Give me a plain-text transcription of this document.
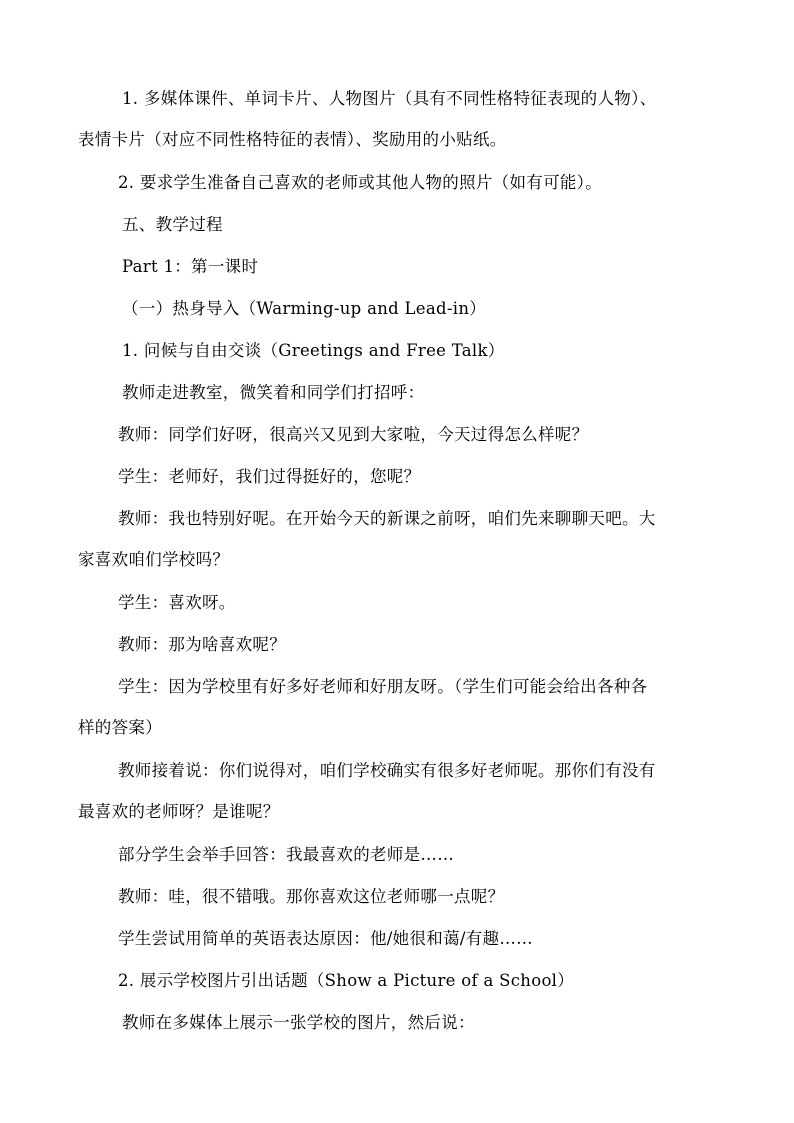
1. 多媒体课件、单词卡片、人物图片（具有不同性格特征表现的人物）、
表情卡片（对应不同性格特征的表情）、奖励用的小贴纸。
2. 要求学生准备自己喜欢的老师或其他人物的照片（如有可能）。
五、教学过程
Part 1：第一课时
（一）热身导入（Warming-up and Lead-in）
1. 问候与自由交谈（Greetings and Free Talk）
教师走进教室，微笑着和同学们打招呼：
教师：同学们好呀，很高兴又见到大家啦，今天过得怎么样呢？
学生：老师好，我们过得挺好的，您呢？
教师：我也特别好呢。在开始今天的新课之前呀，咱们先来聊聊天吧。大
家喜欢咱们学校吗？
学生：喜欢呀。
教师：那为啥喜欢呢？
学生：因为学校里有好多好老师和好朋友呀。（学生们可能会给出各种各
样的答案）
教师接着说：你们说得对，咱们学校确实有很多好老师呢。那你们有没有
最喜欢的老师呀？是谁呢？
部分学生会举手回答：我最喜欢的老师是……
教师：哇，很不错哦。那你喜欢这位老师哪一点呢？
学生尝试用简单的英语表达原因：他/她很和蔼/有趣……
2. 展示学校图片引出话题（Show a Picture of a School）
教师在多媒体上展示一张学校的图片，然后说：
